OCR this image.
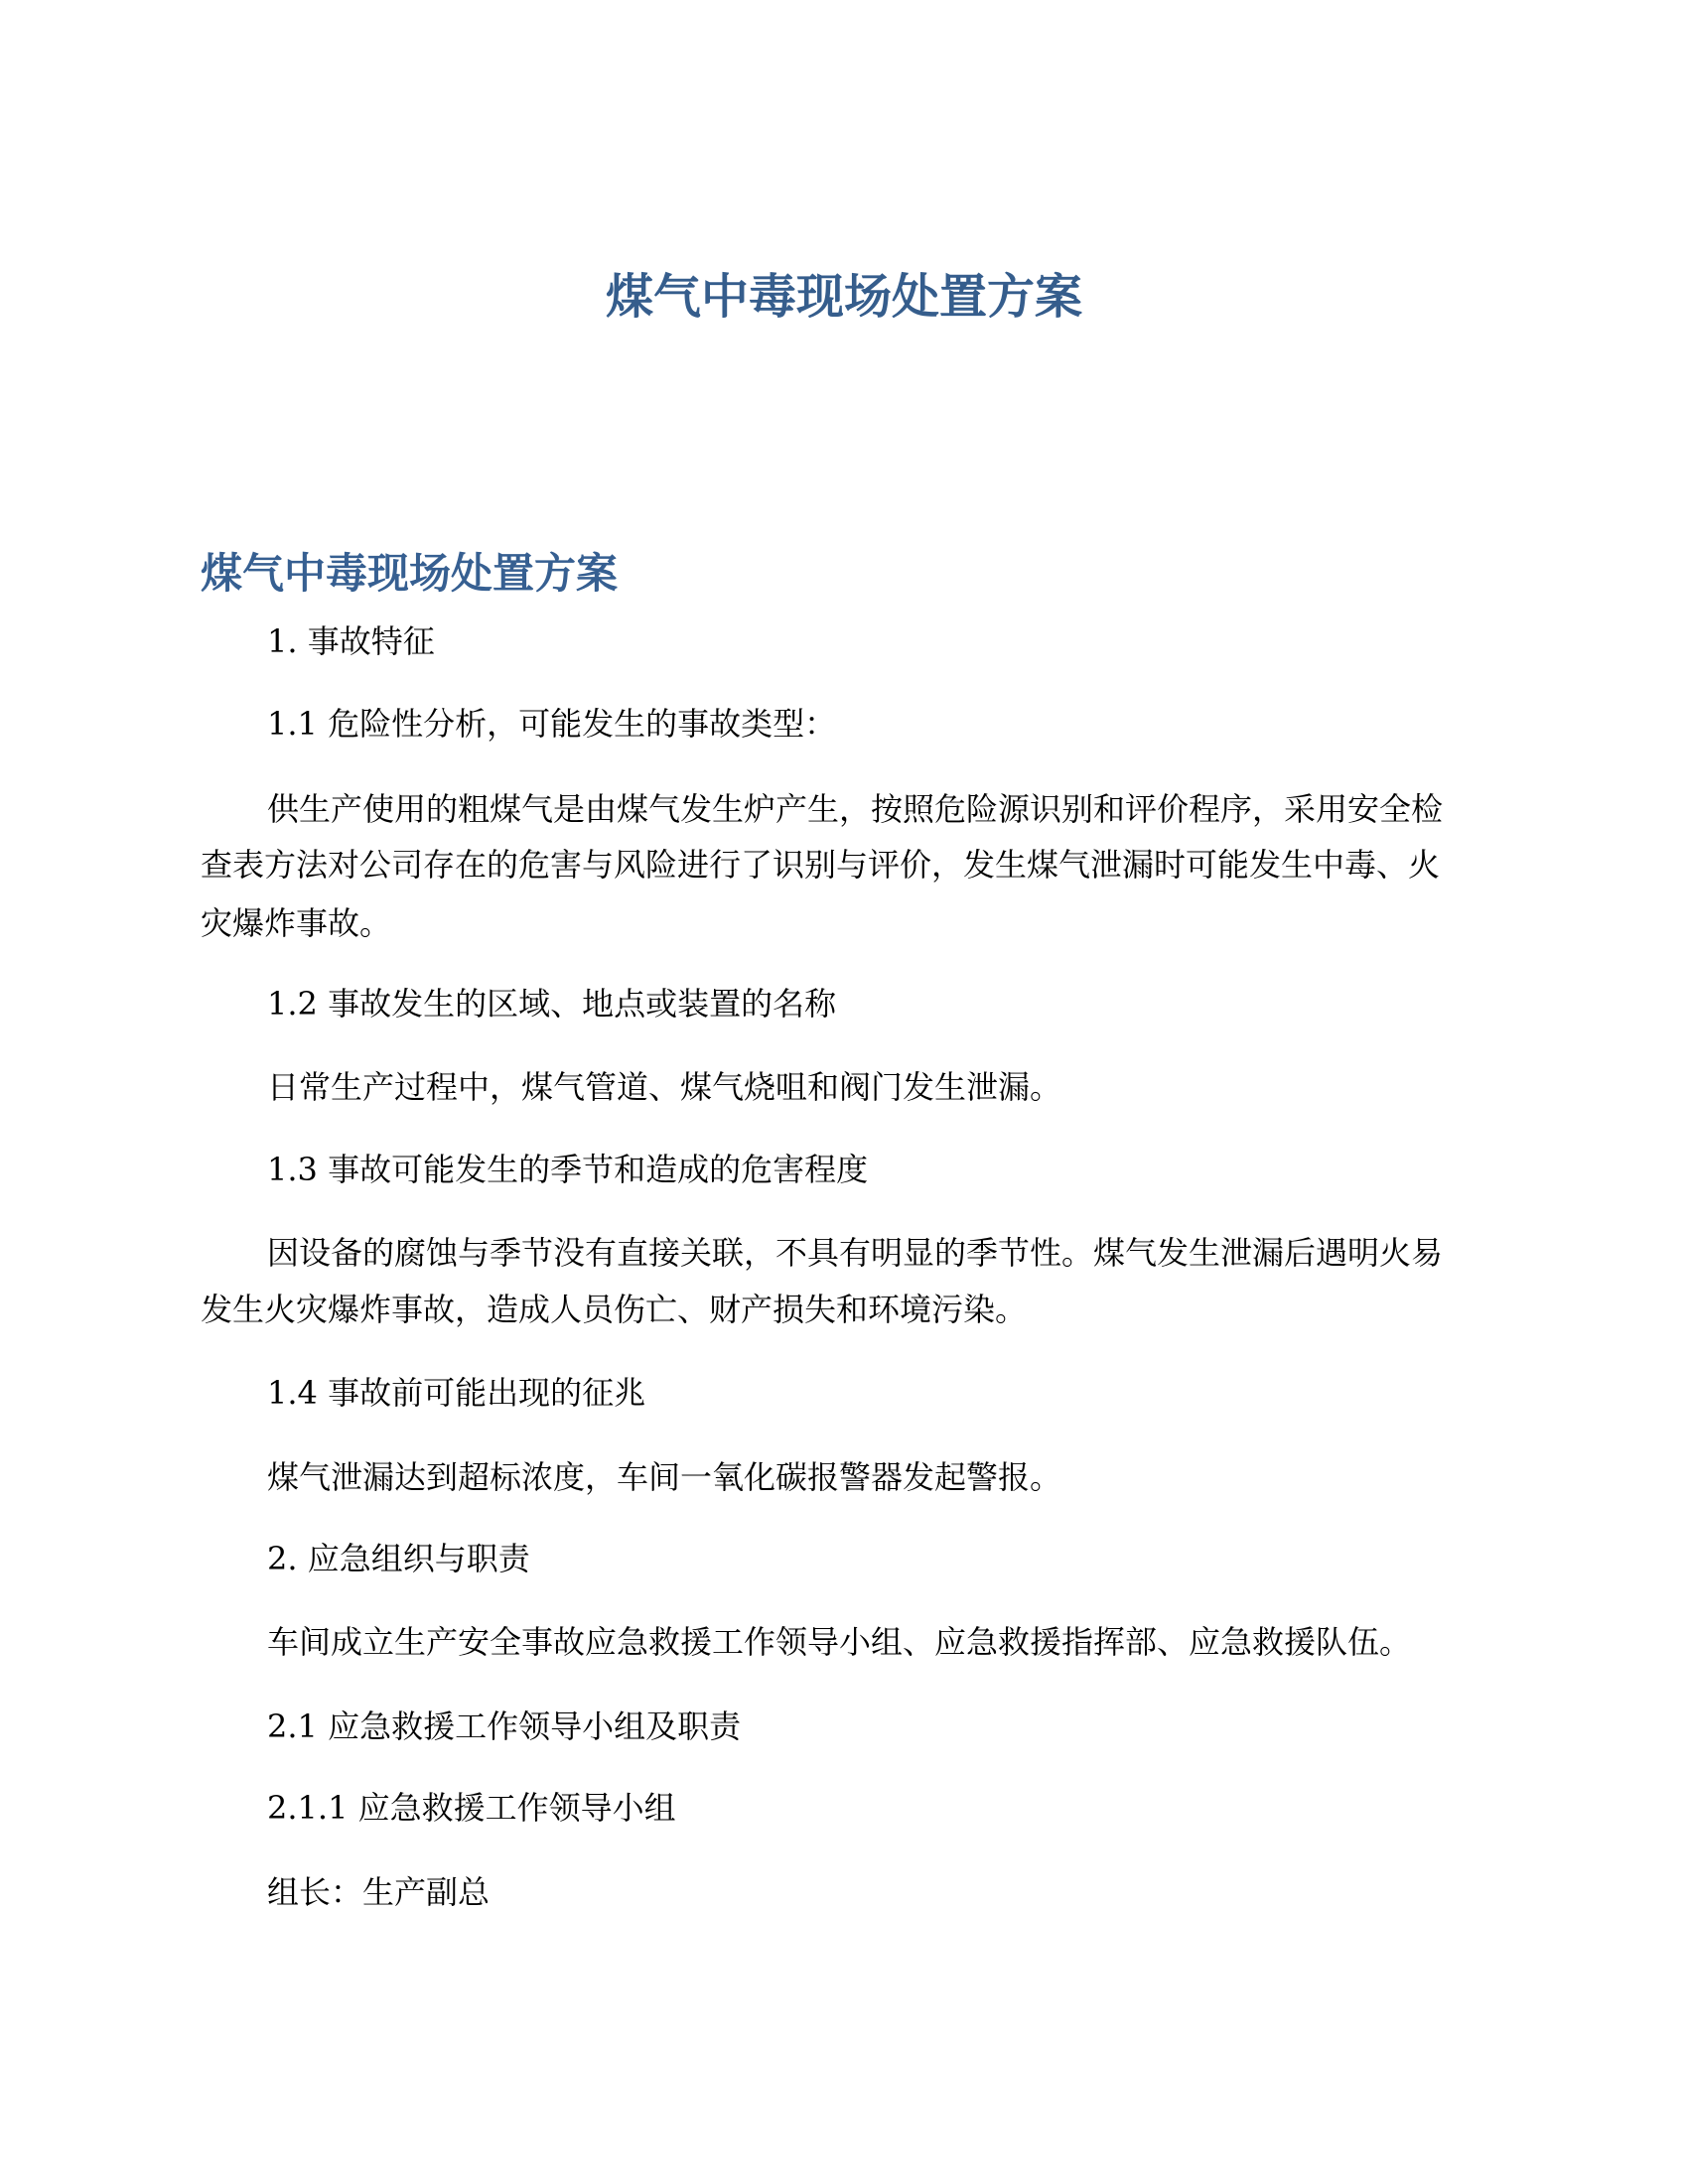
煤气中毒现场处置方案
煤气中毒现场处置方案
1. 事故特征
1.1 危险性分析，可能发生的事故类型：
供生产使用的粗煤气是由煤气发生炉产生，按照危险源识别和评价程序，采用安全检
查表方法对公司存在的危害与风险进行了识别与评价，发生煤气泄漏时可能发生中毒、火
灾爆炸事故。
1.2 事故发生的区域、地点或装置的名称
日常生产过程中，煤气管道、煤气烧咀和阀门发生泄漏。
1.3 事故可能发生的季节和造成的危害程度
因设备的腐蚀与季节没有直接关联，不具有明显的季节性。煤气发生泄漏后遇明火易
发生火灾爆炸事故，造成人员伤亡、财产损失和环境污染。
1.4 事故前可能出现的征兆
煤气泄漏达到超标浓度，车间一氧化碳报警器发起警报。
2. 应急组织与职责
车间成立生产安全事故应急救援工作领导小组、应急救援指挥部、应急救援队伍。
2.1 应急救援工作领导小组及职责
2.1.1 应急救援工作领导小组
组长：生产副总
